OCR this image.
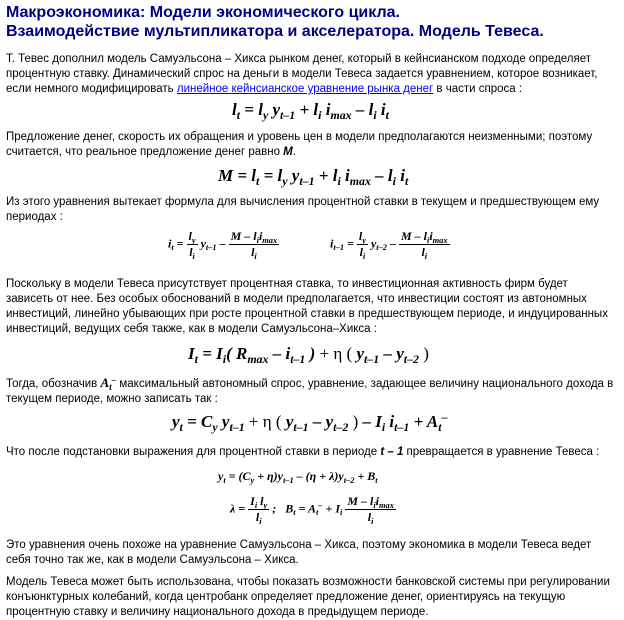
Макроэкономика: Модели экономического цикла.
Взаимодействие мультипликатора и акселератора. Модель Тевеса.
Т. Тевес дополнил модель Самуэльсона – Хикса рынком денег, который в кейнсианском подходе определяет процентную ставку. Динамический спрос на деньги в модели Тевеса задается уравнением, которое возникает, если немного модифицировать линейное кейнсианское уравнение рынка денег в части спроса :
$l_t = l_y$ $y_{t-1} + l_i$ $i_{max} - l_i$ $i_t$
Предложение денег, скорость их обращения и уровень цен в модели предполагаются неизменными; поэтому считается, что реальное предложение денег равно M.
$M = l_t = l_y$ $y_{t-1} + l_i$ $i_{max} - l_i$ $i_t$
Из этого уравнения вытекает формула для вычисления процентной ставки в текущем и предшествующем ему периодах :
$i_t = \frac{l_y}{l_i} y_{t-1} - \frac{M - l_ii_{max}}{l_i}$	$i_{t-1} = \frac{l_y}{l_i} y_{t-2} - \frac{M - l_ii_{max}}{l_i}$
Поскольку в модели Тевеса присутствует процентная ставка, то инвестиционная активность фирм будет зависеть от нее. Без особых обоснований в модели предполагается, что инвестиции состоят из автономных инвестиций, линейно убывающих при росте процентной ставки в предшествующем периоде, и индуцированных инвестиций, ведущих себя также, как в модели Самуэльсона–Хикса :
$I_t = I_i$( $R_{max} - i_{t-1}$ ) + η ( $y_{t-1} - y_{t-2}$ )
Тогда, обозначив $A_t^-$ максимальный автономный спрос, уравнение, задающее величину национального дохода в текущем периоде, можно записать так :
$y_t = C_y$ $y_{t-1} + \eta$ ( $y_{t-1} - y_{t-2}$ ) – $I_i$ $i_{t-1} + A_t^-$
Что после подстановки выражения для процентной ставки в периоде t – 1 превращается в уравнение Тевеса :
$y_t = (C_y + \eta)y_{t-1} - (\eta + \lambda)y_{t-2} + B_t$
$\lambda = \frac{I_i l_y}{l_i}$ ;   $B_t = A_t^- + I_i \frac{M - l_ii_{max}}{l_i}$
Это уравнения очень похоже на уравнение Самуэльсона – Хикса, поэтому экономика в модели Тевеса ведет себя точно так же, как в модели Самуэльсона – Хикса.
Модель Тевеса может быть использована, чтобы показать возможности банковской системы при регулировании конъюнктурных колебаний, когда центробанк определяет предложение денег, ориентируясь на текущую процентную ставку и величину национального дохода в предыдущем периоде.
